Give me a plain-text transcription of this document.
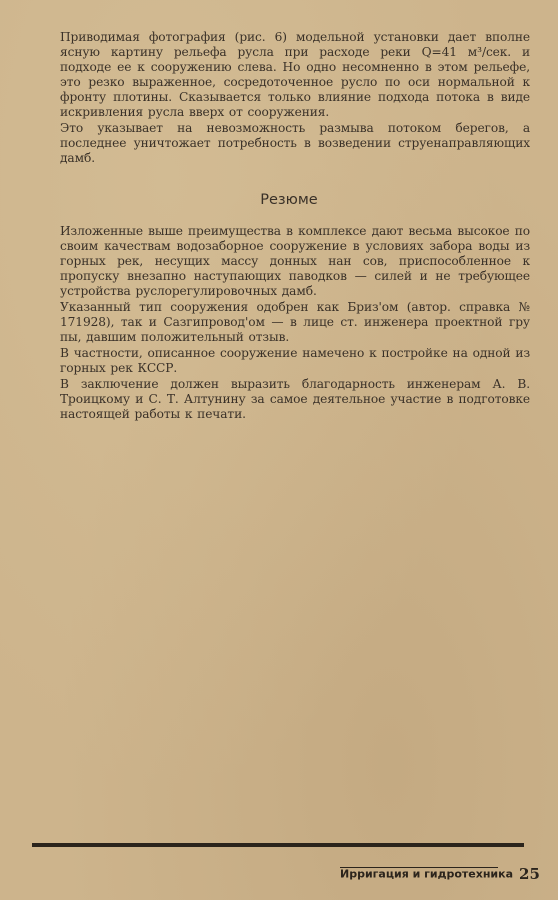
Приводимая фотография (рис. 6) модельной установки дает вполне ясную картину рельефа русла при расходе реки Q=41 м³/сек. и подходе ее к сооружению слева. Но одно несомненно в этом рельефе, это резко выраженное, сосредоточенное русло по оси нормальной к фронту плотины. Сказывается только влияние подхода потока в виде искривления русла вверх от сооружения.

Это указывает на невозможность размыва потоком берегов, а последнее уничтожает потребность в возведении струенаправляющих дамб.

Резюме

Изложенные выше преимущества в комплексе дают весьма высокое по своим качествам водозаборное сооружение в условиях забора воды из горных рек, несущих массу донных нан сов, приспособленное к пропуску внезапно наступающих паводков — силей и не требующее устройства руслорегулировочных дамб.

Указанный тип сооружения одобрен как Бриз'ом (автор. справка № 171928), так и Сазгипровод'ом — в лице ст. инженера проектной гру пы, давшим положительный отзыв.

В частности, описанное сооружение намечено к постройке на одной из горных рек КССР.

В заключение должен выразить благодарность инженерам А. В. Троицкому и С. Т. Алтунину за самое деятельное участие в подготовке настоящей работы к печати.

Ирригация и гидротехника 25
